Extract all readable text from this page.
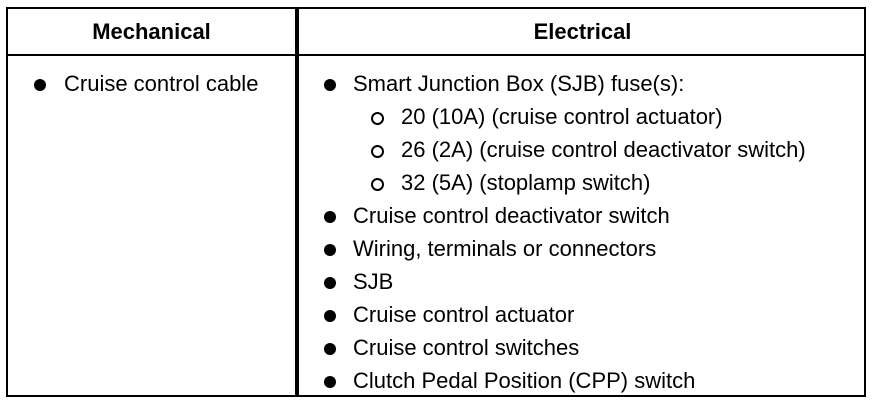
Mechanical	Electrical
Cruise control cable	Smart Junction Box (SJB) fuse(s):
20 (10A) (cruise control actuator)
26 (2A) (cruise control deactivator switch)
32 (5A) (stoplamp switch)
Cruise control deactivator switch
Wiring, terminals or connectors
SJB
Cruise control actuator
Cruise control switches
Clutch Pedal Position (CPP) switch
